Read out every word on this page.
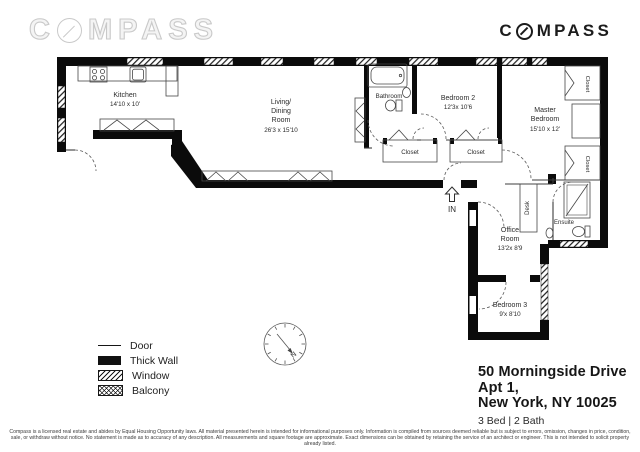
C MPASS	C MPASS
IN
Kitchen
14'10 x 10'	Living/
Dining
Room
26'3 x 15'10
Bathroom	Bedroom 2
12'3x 10'6	Master
Bedroom
15'10 x 12'
Closet	Closet
Closet
Closet
Office
Room
13'2x 8'9
Desk
Ensuite
Bedroom 3
9'x 8'10
N
Door
Thick Wall
Window
Balcony
50 Morningside Drive Apt 1,
New York, NY 10025
3 Bed | 2 Bath
Compass is a licensed real estate and abides by Equal Housing Opportunity laws. All material presented herein is intended for informational purposes only. Information is compiled from sources deemed reliable but is subject to errors, omission, changes in price, condition, sale, or withdraw without notice. No statement is made as to accuracy of any description. All measurements and square footage are approximate. Exact dimensions can be obtained by retaining the service of an architect or engineer. This is not intended to solicit property already listed.
